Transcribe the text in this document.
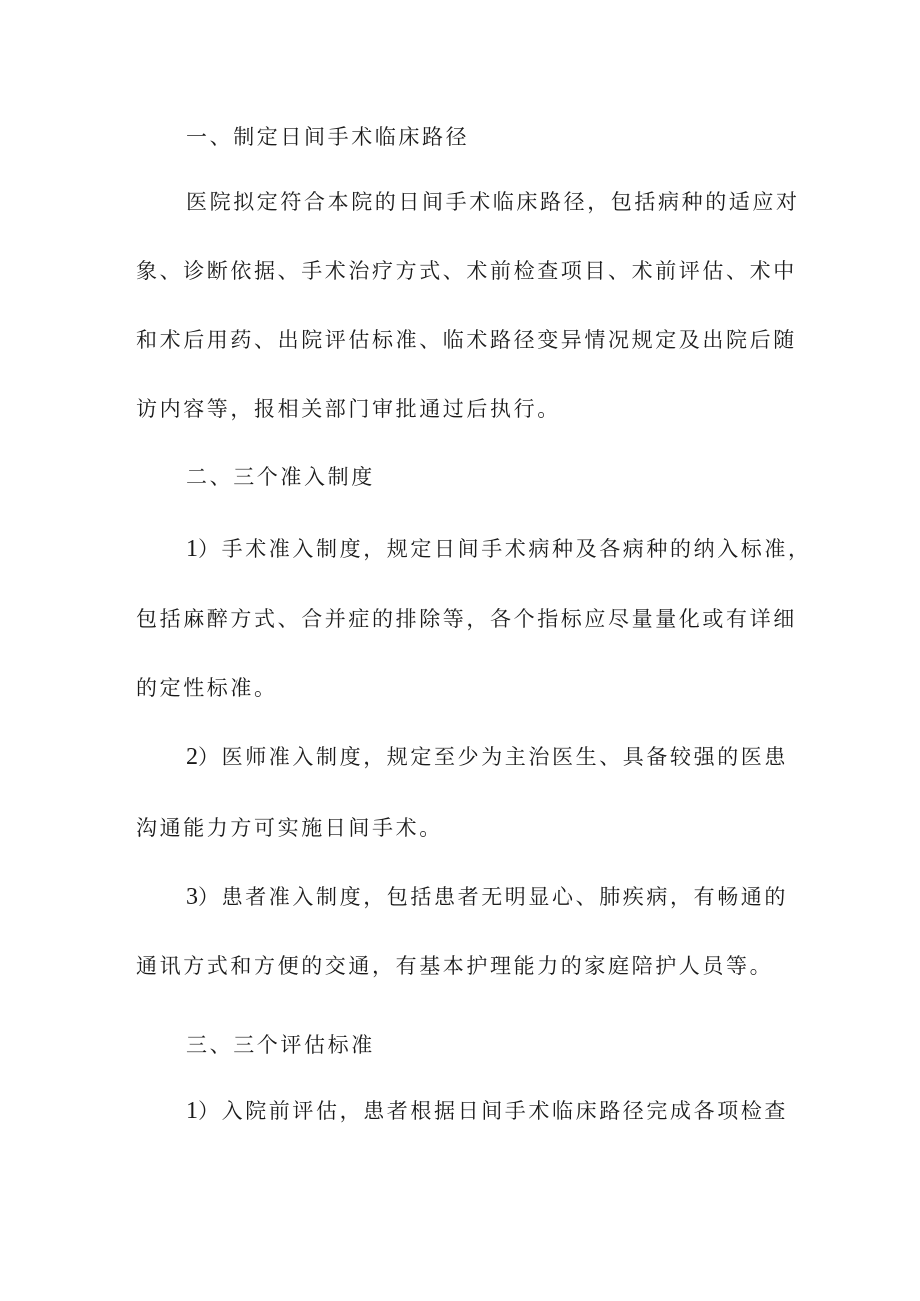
一、制定日间手术临床路径
医院拟定符合本院的日间手术临床路径，包括病种的适应对
象、诊断依据、手术治疗方式、术前检查项目、术前评估、术中
和术后用药、出院评估标准、临术路径变异情况规定及出院后随
访内容等，报相关部门审批通过后执行。
二、三个准入制度
1）手术准入制度，规定日间手术病种及各病种的纳入标准，
包括麻醉方式、合并症的排除等，各个指标应尽量量化或有详细
的定性标准。
2）医师准入制度，规定至少为主治医生、具备较强的医患
沟通能力方可实施日间手术。
3）患者准入制度，包括患者无明显心、肺疾病，有畅通的
通讯方式和方便的交通，有基本护理能力的家庭陪护人员等。
三、三个评估标准
1）入院前评估，患者根据日间手术临床路径完成各项检查
